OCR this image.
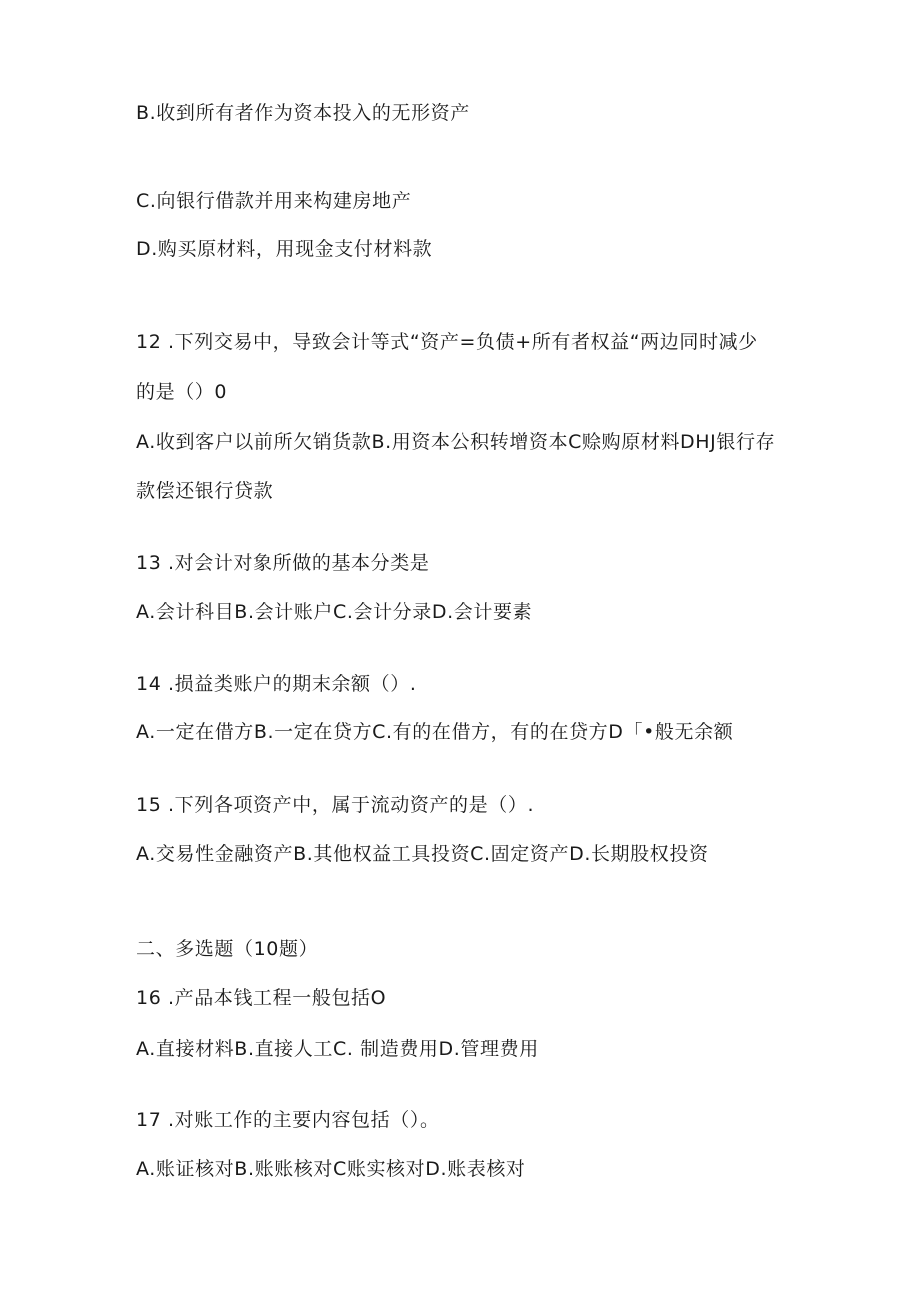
B.收到所有者作为资本投入的无形资产
C.向银行借款并用来构建房地产
D.购买原材料，用现金支付材料款
12 .下列交易中，导致会计等式“资产=负债+所有者权益“两边同时减少
的是（）0
A.收到客户以前所欠销货款B.用资本公积转增资本C赊购原材料DHJ银行存
款偿还银行贷款
13 .对会计对象所做的基本分类是
A.会计科目B.会计账户C.会计分录D.会计要素
14 .损益类账户的期末余额（）.
A.一定在借方B.一定在贷方C.有的在借方，有的在贷方D「•般无余额
15 .下列各项资产中，属于流动资产的是（）.
A.交易性金融资产B.其他权益工具投资C.固定资产D.长期股权投资
二、多选题（10题）
16 .产品本钱工程一般包括O
A.直接材料B.直接人工C. 制造费用D.管理费用
17 .对账工作的主要内容包括（）。
A.账证核对B.账账核对C账实核对D.账表核对
